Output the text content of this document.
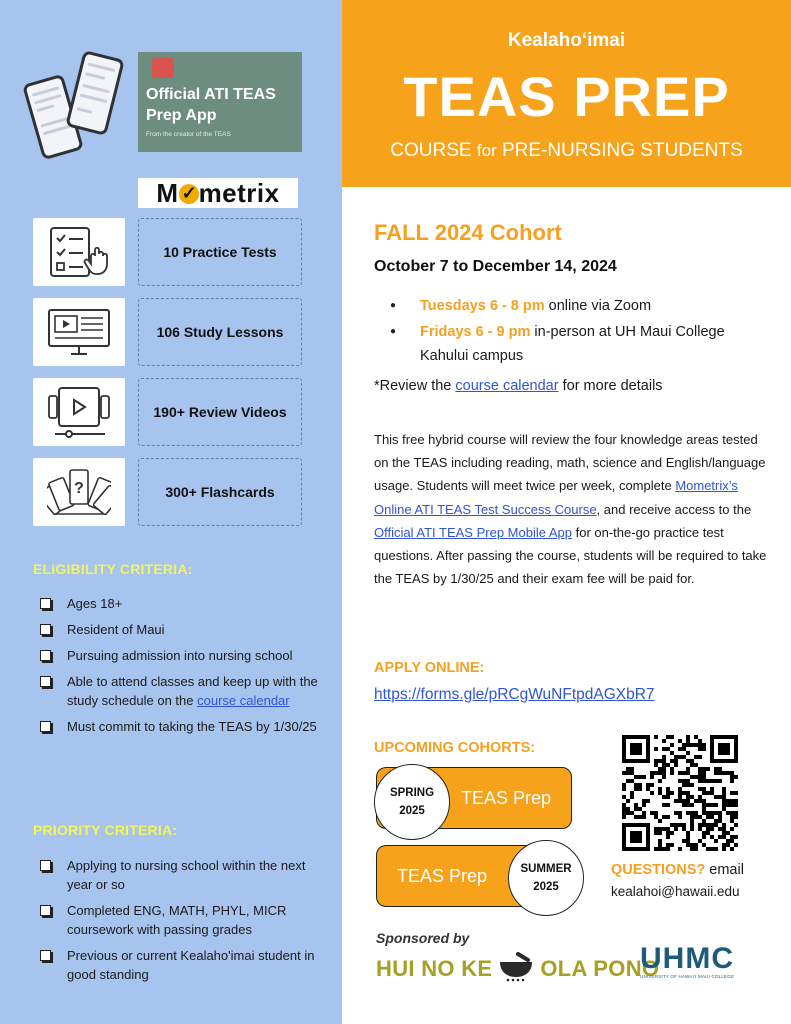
Official ATI TEAS
Prep App
From the creator of the TEAS
M✓ metrix
10 Practice Tests
106 Study Lessons
190+ Review Videos
?	300+ Flashcards
ELIGIBILITY CRITERIA:
Ages 18+
Resident of Maui
Pursuing admission into nursing school
Able to attend classes and keep up with the study schedule on the course calendar
Must commit to taking the TEAS by 1/30/25
PRIORITY CRITERIA:
Applying to nursing school within the next year or so
Completed ENG, MATH, PHYL, MICR coursework with passing grades
Previous or current Kealaho'imai student in good standing
Kealahoʻimai
TEAS PREP
COURSE for PRE-NURSING STUDENTS
FALL 2024 Cohort
October 7 to December 14, 2024
● Tuesdays 6 - 8 pm online via Zoom
● Fridays 6 - 9 pm in-person at UH Maui College Kahului campus
*Review the course calendar for more details

This free hybrid course will review the four knowledge areas tested on the TEAS including reading, math, science and English/language usage. Students will meet twice per week, complete Mometrix’s Online ATI TEAS Test Success Course, and receive access to the Official ATI TEAS Prep Mobile App for on-the-go practice test questions. After passing the course, students will be required to take the TEAS by 1/30/25 and their exam fee will be paid for.

APPLY ONLINE:
https://forms.gle/pRCgWuNFtpdAGXbR7
UPCOMING COHORTS:
TEAS Prep
SPRING
2025
TEAS Prep	SUMMER
2025
QUESTIONS? email
kealahoi@hawaii.edu
Sponsored by
HUI NO KE OLA PONO
UHMC
UNIVERSITY OF HAWAIʻI MAUI COLLEGE
